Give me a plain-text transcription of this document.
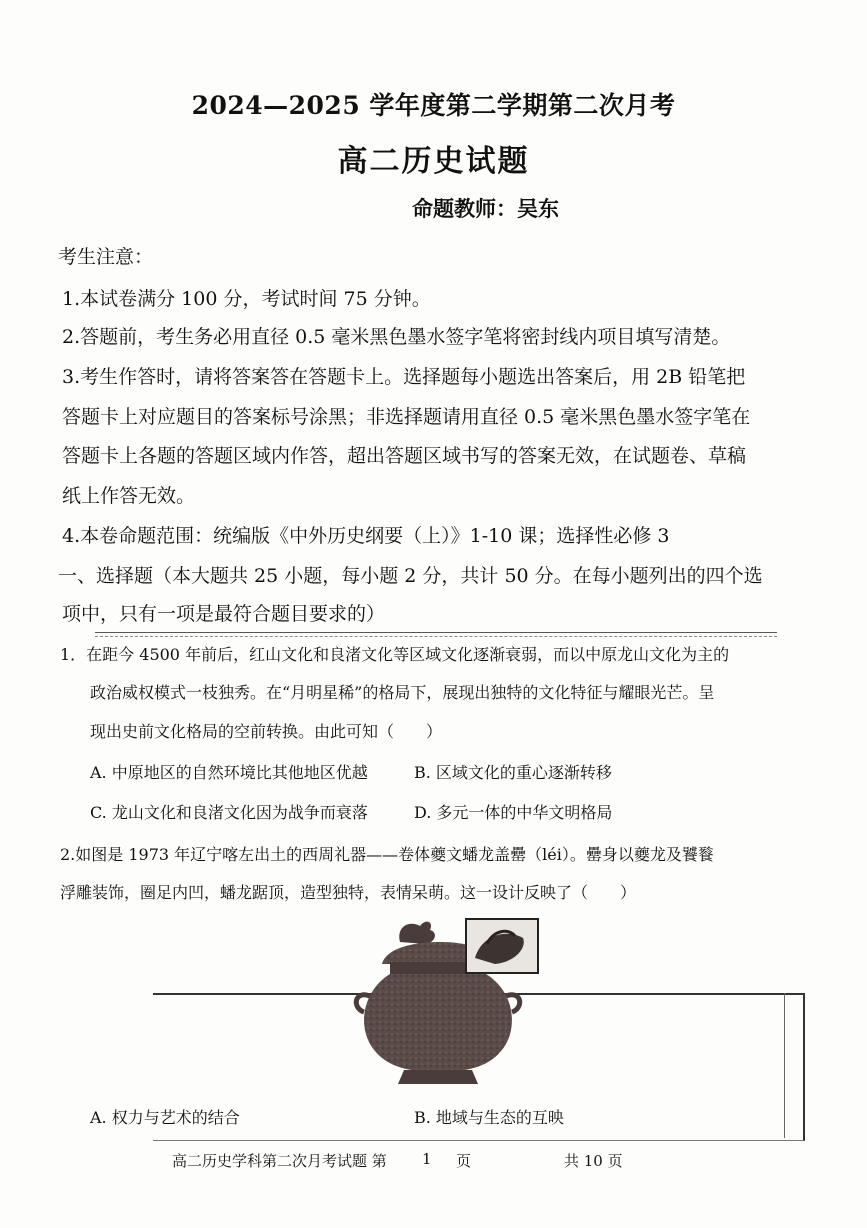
2024—2025 学年度第二学期第二次月考
高二历史试题
命题教师：吴东
考生注意：
1.本试卷满分 100 分，考试时间 75 分钟。
2.答题前，考生务必用直径 0.5 毫米黑色墨水签字笔将密封线内项目填写清楚。
3.考生作答时，请将答案答在答题卡上。选择题每小题选出答案后，用 2B 铅笔把
答题卡上对应题目的答案标号涂黑；非选择题请用直径 0.5 毫米黑色墨水签字笔在
答题卡上各题的答题区域内作答，超出答题区域书写的答案无效，在试题卷、草稿
纸上作答无效。
4.本卷命题范围：统编版《中外历史纲要（上）》1-10 课；选择性必修 3
一、选择题（本大题共 25 小题，每小题 2 分，共计 50 分。在每小题列出的四个选
项中，只有一项是最符合题目要求的）
1．在距今 4500 年前后，红山文化和良渚文化等区域文化逐渐衰弱，而以中原龙山文化为主的
政治威权模式一枝独秀。在“月明星稀”的格局下，展现出独特的文化特征与耀眼光芒。呈
现出史前文化格局的空前转换。由此可知（　　）
A. 中原地区的自然环境比其他地区优越	B. 区域文化的重心逐渐转移
C. 龙山文化和良渚文化因为战争而衰落	D. 多元一体的中华文明格局
2.如图是 1973 年辽宁喀左出土的西周礼器——卷体夔文蟠龙盖罍（léi）。罍身以夔龙及饕餮
浮雕装饰，圈足内凹，蟠龙踞顶，造型独特，表情呆萌。这一设计反映了（　　）
A. 权力与艺术的结合	B. 地域与生态的互映
高二历史学科第二次月考试题 第 1 页	共 10 页
